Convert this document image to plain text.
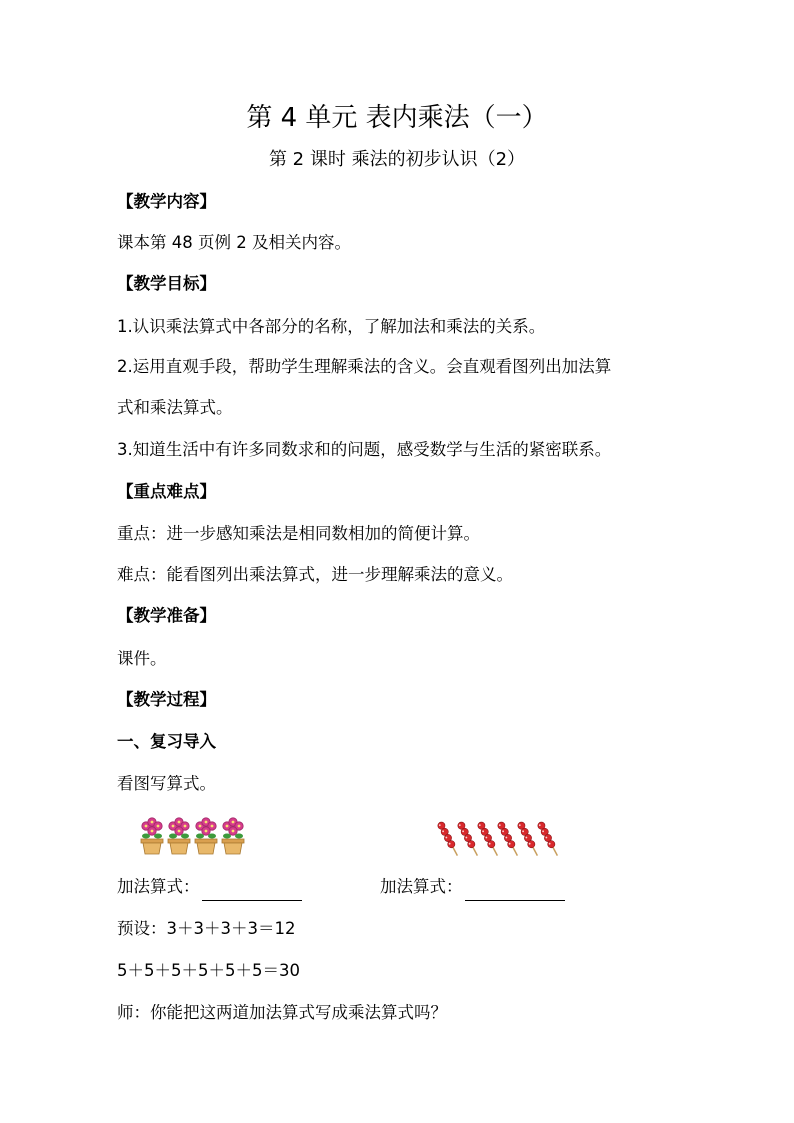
第 4 单元 表内乘法（一）
第 2 课时 乘法的初步认识（2）
【教学内容】
课本第 48 页例 2 及相关内容。
【教学目标】
1.认识乘法算式中各部分的名称，了解加法和乘法的关系。
2.运用直观手段，帮助学生理解乘法的含义。会直观看图列出加法算
式和乘法算式。
3.知道生活中有许多同数求和的问题，感受数学与生活的紧密联系。
【重点难点】
重点：进一步感知乘法是相同数相加的简便计算。
难点：能看图列出乘法算式，进一步理解乘法的意义。
【教学准备】
课件。
【教学过程】
一、复习导入
看图写算式。
加法算式：	加法算式：
预设：3＋3＋3＋3＝12
5＋5＋5＋5＋5＋5＝30
师：你能把这两道加法算式写成乘法算式吗？
